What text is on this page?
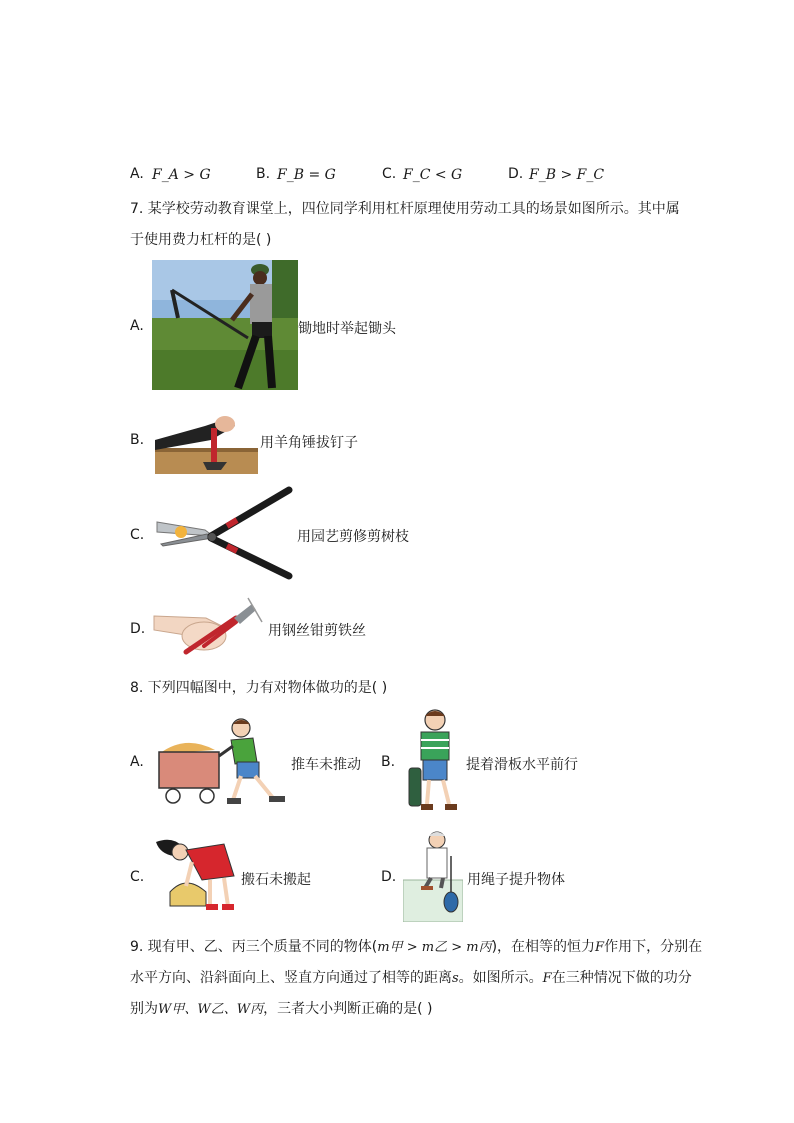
A. F_A > G	B. F_B = G	C. F_C < G	D. F_B > F_C
7. 某学校劳动教育课堂上，四位同学利用杠杆原理使用劳动工具的场景如图所示。其中属
于使用费力杠杆的是( )
A.	锄地时举起锄头
B.	用羊角锤拔钉子
C.	用园艺剪修剪树枝
D.	用钢丝钳剪铁丝
8. 下列四幅图中，力有对物体做功的是( )
A.	推车未推动 B.	提着滑板水平前行
C.	搬石未搬起	D.	用绳子提升物体
9. 现有甲、乙、丙三个质量不同的物体(m甲 > m乙 > m丙)，在相等的恒力F作用下，分别在
水平方向、沿斜面向上、竖直方向通过了相等的距离s。如图所示。F在三种情况下做的功分
别为W甲、W乙、W丙，三者大小判断正确的是( )
